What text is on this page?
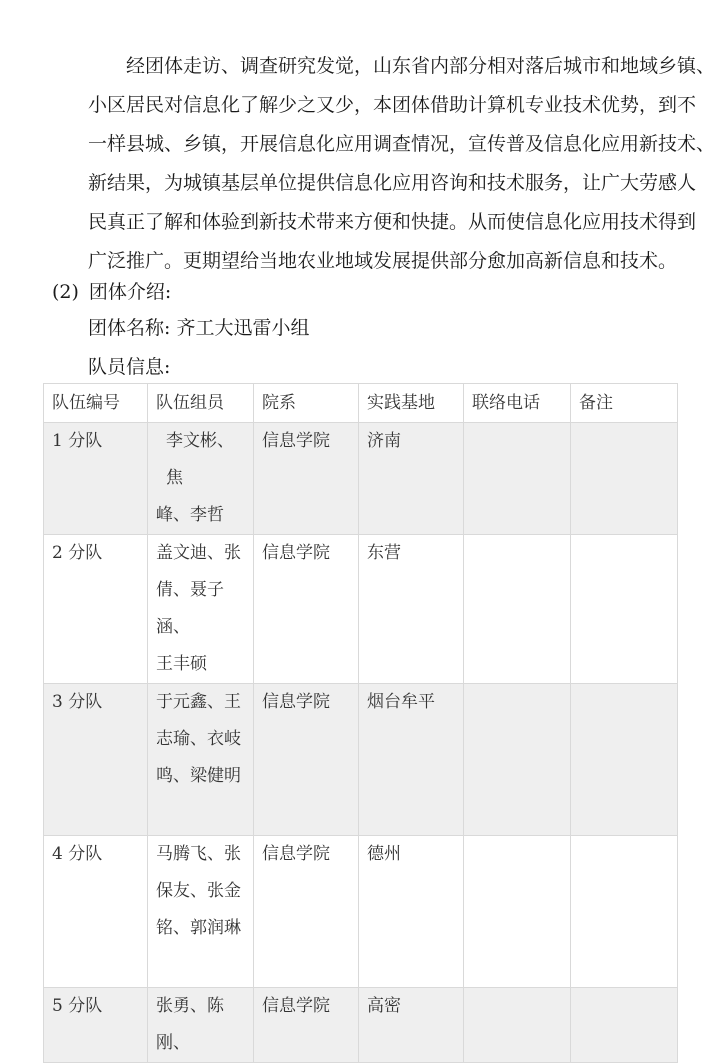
经团体走访、调查研究发觉，山东省内部分相对落后城市和地域乡镇、
小区居民对信息化了解少之又少，本团体借助计算机专业技术优势，到不
一样县城、乡镇，开展信息化应用调查情况，宣传普及信息化应用新技术、
新结果，为城镇基层单位提供信息化应用咨询和技术服务，让广大劳感人
民真正了解和体验到新技术带来方便和快捷。从而使信息化应用技术得到
广泛推广。更期望给当地农业地域发展提供部分愈加高新信息和技术。

(2) 团体介绍:
团体名称: 齐工大迅雷小组
队员信息:
队伍编号	队伍组员	院系	实践基地	联络电话	备注
1 分队	李文彬、焦
峰、李哲	信息学院	济南		
2 分队	盖文迪、张
倩、聂子涵、
王丰硕	信息学院	东营		
3 分队	于元鑫、王
志瑜、衣岐
鸣、梁健明	信息学院	烟台牟平		
4 分队	马腾飞、张
保友、张金
铭、郭润琳	信息学院	德州		
5 分队	张勇、陈刚、	信息学院	高密		
